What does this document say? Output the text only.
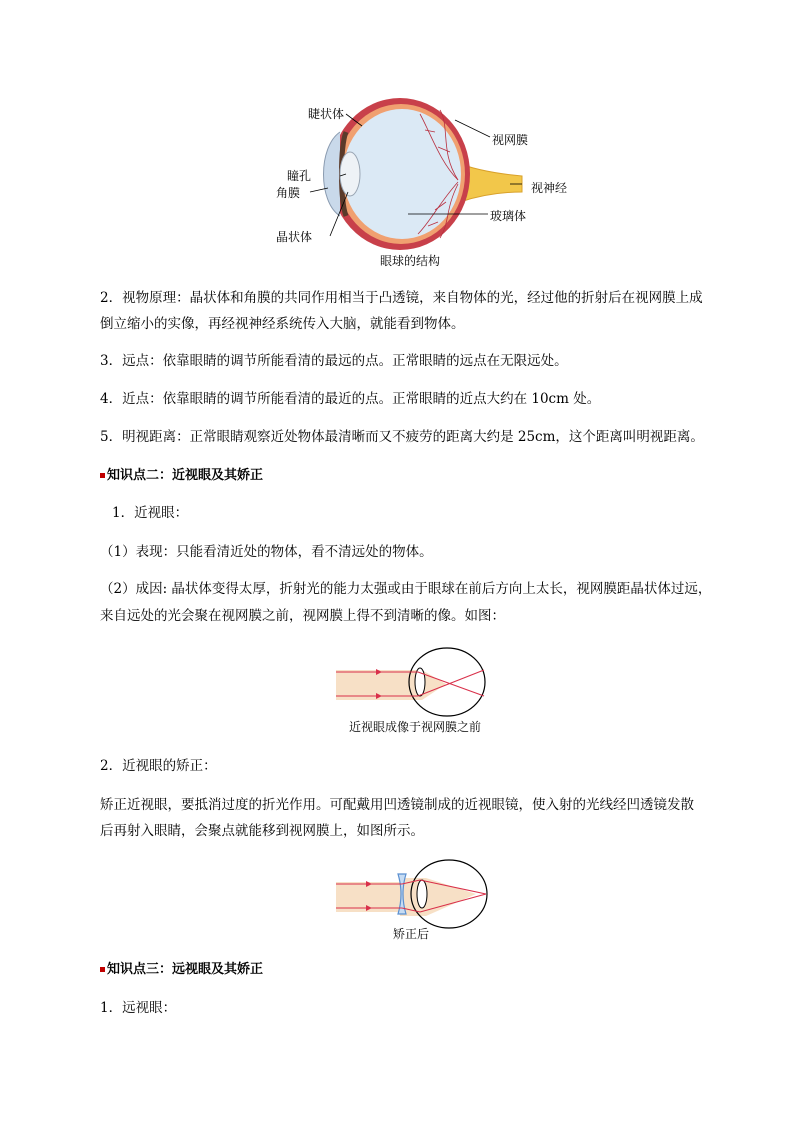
睫状体
视网膜
瞳孔
视神经
角膜
玻璃体
晶状体
眼球的结构
2．视物原理：晶状体和角膜的共同作用相当于凸透镜，来自物体的光，经过他的折射后在视网膜上成
倒立缩小的实像，再经视神经系统传入大脑，就能看到物体。
3．远点：依靠眼睛的调节所能看清的最远的点。正常眼睛的远点在无限远处。
4．近点：依靠眼睛的调节所能看清的最近的点。正常眼睛的近点大约在 10cm 处。
5．明视距离：正常眼睛观察近处物体最清晰而又不疲劳的距离大约是 25cm，这个距离叫明视距离。
知识点二：近视眼及其娇正
1．近视眼：
（1）表现：只能看清近处的物体，看不清远处的物体。
（2）成因: 晶状体变得太厚，折射光的能力太强或由于眼球在前后方向上太长，视网膜距晶状体过远，
来自远处的光会聚在视网膜之前，视网膜上得不到清晰的像。如图：
近视眼成像于视网膜之前
2．近视眼的矫正：
矫正近视眼，要抵消过度的折光作用。可配戴用凹透镜制成的近视眼镜，使入射的光线经凹透镜发散
后再射入眼睛，会聚点就能移到视网膜上，如图所示。
矫正后
知识点三：远视眼及其娇正
1．远视眼：
